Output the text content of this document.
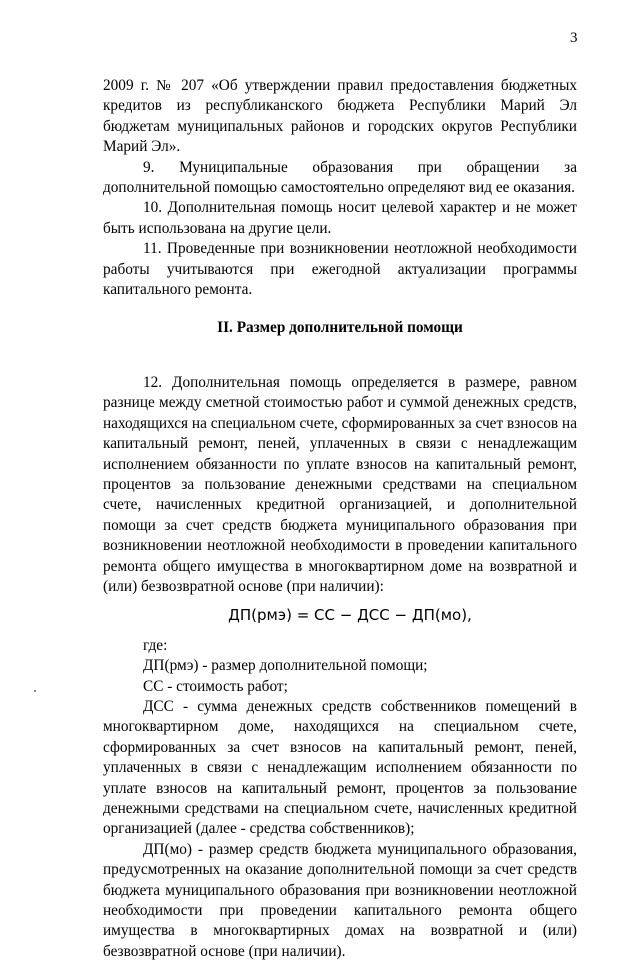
3

2009 г. № 207 «Об утверждении правил предоставления бюджетных кредитов из республиканского бюджета Республики Марий Эл бюджетам муниципальных районов и городских округов Республики Марий Эл».

9. Муниципальные образования при обращении за дополнительной помощью самостоятельно определяют вид ее оказания.

10. Дополнительная помощь носит целевой характер и не может быть использована на другие цели.

11. Проведенные при возникновении неотложной необходимости работы учитываются при ежегодной актуализации программы капитального ремонта.

II. Размер дополнительной помощи

12. Дополнительная помощь определяется в размере, равном разнице между сметной стоимостью работ и суммой денежных средств, находящихся на специальном счете, сформированных за счет взносов на капитальный ремонт, пеней, уплаченных в связи с ненадлежащим исполнением обязанности по уплате взносов на капитальный ремонт, процентов за пользование денежными средствами на специальном счете, начисленных кредитной организацией, и дополнительной помощи за счет средств бюджета муниципального образования при возникновении неотложной необходимости в проведении капитального ремонта общего имущества в многоквартирном доме на возвратной и (или) безвозвратной основе (при наличии):

ДП(рмэ) = СС − ДСС − ДП(мо),

где:

ДП(рмэ) - размер дополнительной помощи;

СС - стоимость работ;

ДСС - сумма денежных средств собственников помещений в многоквартирном доме, находящихся на специальном счете, сформированных за счет взносов на капитальный ремонт, пеней, уплаченных в связи с ненадлежащим исполнением обязанности по уплате взносов на капитальный ремонт, процентов за пользование денежными средствами на специальном счете, начисленных кредитной организацией (далее - средства собственников);

ДП(мо) - размер средств бюджета муниципального образования, предусмотренных на оказание дополнительной помощи за счет средств бюджета муниципального образования при возникновении неотложной необходимости при проведении капитального ремонта общего имущества в многоквартирных домах на возвратной и (или) безвозвратной основе (при наличии).
